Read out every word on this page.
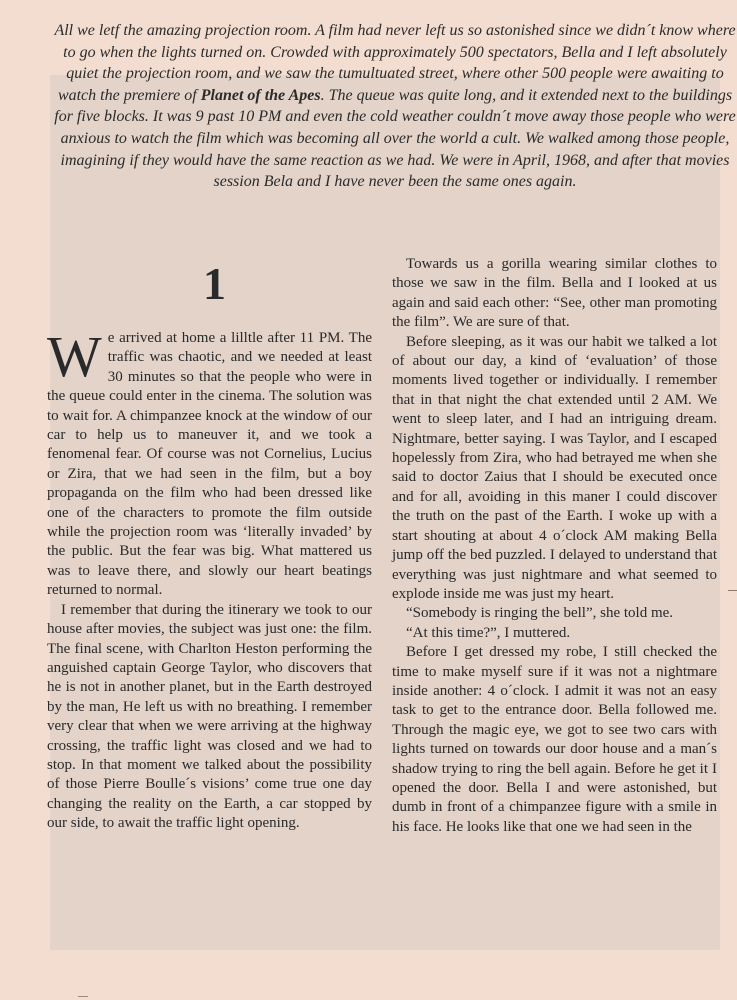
All we letf the amazing projection room. A film had never left us so astonished since we didn´t know where to go when the lights turned on. Crowded with approximately 500 spectators, Bella and I left absolutely quiet the projection room, and we saw the tumultuated street, where other 500 people were awaiting to watch the premiere of Planet of the Apes. The queue was quite long, and it extended next to the buildings for five blocks. It was 9 past 10 PM and even the cold weather couldn´t move away those people who were anxious to watch the film which was becoming all over the world a cult. We walked among those people, imagining if they would have the same reaction as we had. We were in April, 1968, and after that movies session Bela and I have never been the same ones again.

1

We arrived at home a lilltle after 11 PM. The traffic was chaotic, and we needed at least 30 minutes so that the people who were in the queue could enter in the cinema. The solution was to wait for. A chimpanzee knock at the window of our car to help us to maneuver it, and we took a fenomenal fear. Of course was not Cornelius, Lucius or Zira, that we had seen in the film, but a boy propaganda on the film who had been dressed like one of the characters to promote the film outside while the projection room was ‘literally invaded’ by the public. But the fear was big. What mattered us was to leave there, and slowly our heart beatings returned to normal.

I remember that during the itinerary we took to our house after movies, the subject was just one: the film. The final scene, with Charlton Heston performing the anguished captain George Taylor, who discovers that he is not in another planet, but in the Earth destroyed by the man, He left us with no breathing. I remember very clear that when we were arriving at the highway crossing, the traffic light was closed and we had to stop. In that moment we talked about the possibility of those Pierre Boulle´s visions’ come true one day changing the reality on the Earth, a car stopped by our side, to await the traffic light opening.

Towards us a gorilla wearing similar clothes to those we saw in the film. Bella and I looked at us again and said each other: “See, other man promoting the film”. We are sure of that.

Before sleeping, as it was our habit we talked a lot of about our day, a kind of ‘evaluation’ of those moments lived together or individually. I remember that in that night the chat extended until 2 AM. We went to sleep later, and I had an intriguing dream. Nightmare, better saying. I was Taylor, and I escaped hopelessly from Zira, who had betrayed me when she said to doctor Zaius that I should be executed once and for all, avoiding in this maner I could discover the truth on the past of the Earth. I woke up with a start shouting at about 4 o´clock AM making Bella jump off the bed puzzled. I delayed to understand that everything was just nightmare and what seemed to explode inside me was just my heart.

“Somebody is ringing the bell”, she told me.

“At this time?”, I muttered.

Before I get dressed my robe, I still checked the time to make myself sure if it was not a nightmare inside another: 4 o´clock. I admit it was not an easy task to get to the entrance door. Bella followed me. Through the magic eye, we got to see two cars with lights turned on towards our door house and a man´s shadow trying to ring the bell again. Before he get it I opened the door. Bella I and were astonished, but dumb in front of a chimpanzee figure with a smile in his face. He looks like that one we had seen in the
